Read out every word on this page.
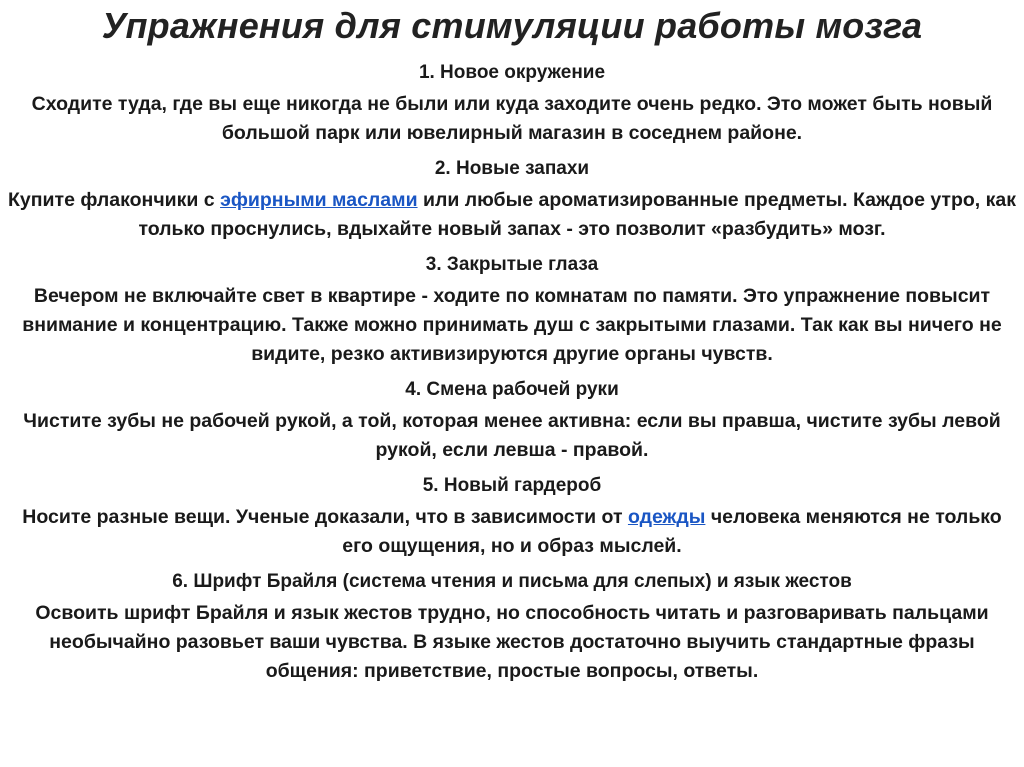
Упражнения для стимуляции работы мозга
1. Новое окружение

Сходите туда, где вы еще никогда не были или куда заходите очень редко. Это может быть новый большой парк или ювелирный магазин в соседнем районе.

2. Новые запахи

Купите флакончики с эфирными маслами или любые ароматизированные предметы. Каждое утро, как только проснулись, вдыхайте новый запах - это позволит «разбудить» мозг.

3. Закрытые глаза

Вечером не включайте свет в квартире - ходите по комнатам по памяти. Это упражнение повысит внимание и концентрацию. Также можно принимать душ с закрытыми глазами. Так как вы ничего не видите, резко активизируются другие органы чувств.

4. Смена рабочей руки

Чистите зубы не рабочей рукой, а той, которая менее активна: если вы правша, чистите зубы левой рукой, если левша - правой.

5. Новый гардероб

Носите разные вещи. Ученые доказали, что в зависимости от одежды человека меняются не только его ощущения, но и образ мыслей.

6. Шрифт Брайля (система чтения и письма для слепых) и язык жестов

Освоить шрифт Брайля и язык жестов трудно, но способность читать и разговаривать пальцами необычайно разовьет ваши чувства. В языке жестов достаточно выучить стандартные фразы общения: приветствие, простые вопросы, ответы.
